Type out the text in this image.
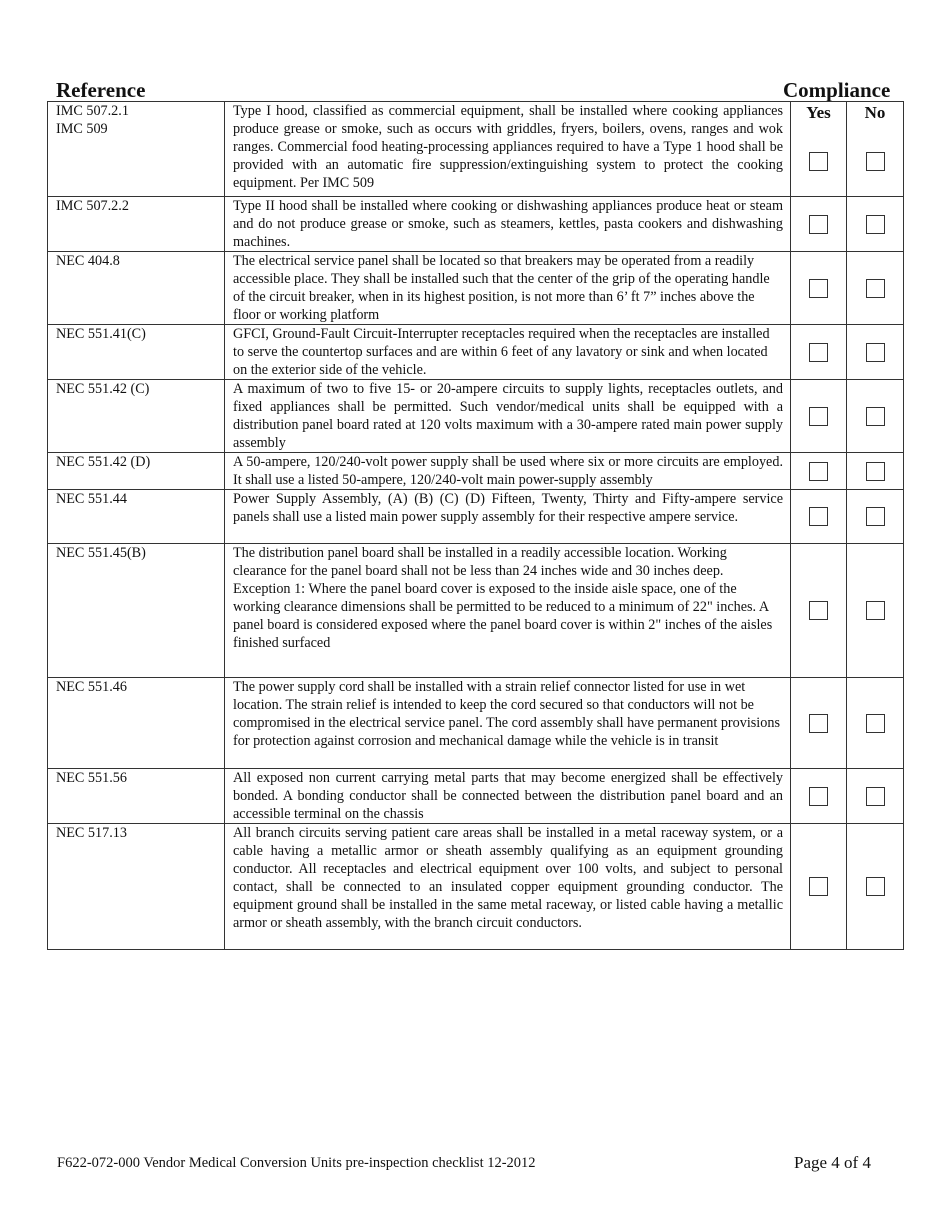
Reference	Compliance
IMC 507.2.1
IMC 509	Type I hood, classified as commercial equipment, shall be installed where cooking appliances produce grease or smoke, such as occurs with griddles, fryers, boilers, ovens, ranges and wok ranges. Commercial food heating-processing appliances required to have a Type 1 hood shall be provided with an automatic fire suppression/extinguishing system to protect the cooking equipment. Per IMC 509	Yes	No

IMC 507.2.2	Type II hood shall be installed where cooking or dishwashing appliances produce heat or steam and do not produce grease or smoke, such as steamers, kettles, pasta cookers and dishwashing machines.		
NEC 404.8	The electrical service panel shall be located so that breakers may be operated from a readily accessible place. They shall be installed such that the center of the grip of the operating handle of the circuit breaker, when in its highest position, is not more than 6’ ft 7” inches above the floor or working platform		
NEC 551.41(C)	GFCI, Ground-Fault Circuit-Interrupter receptacles required when the receptacles are installed to serve the countertop surfaces and are within 6 feet of any lavatory or sink and when located on the exterior side of the vehicle.		
NEC 551.42 (C)	A maximum of two to five 15- or 20-ampere circuits to supply lights, receptacles outlets, and fixed appliances shall be permitted. Such vendor/medical units shall be equipped with a distribution panel board rated at 120 volts maximum with a 30-ampere rated main power supply assembly		
NEC 551.42 (D)	A 50-ampere, 120/240-volt power supply shall be used where six or more circuits are employed. It shall use a listed 50-ampere, 120/240-volt main power-supply assembly		
NEC 551.44	Power Supply Assembly, (A) (B) (C) (D) Fifteen, Twenty, Thirty and Fifty-ampere service panels shall use a listed main power supply assembly for their respective ampere service.		
NEC 551.45(B)	The distribution panel board shall be installed in a readily accessible location. Working clearance for the panel board shall not be less than 24 inches wide and 30 inches deep. Exception 1: Where the panel board cover is exposed to the inside aisle space, one of the working clearance dimensions shall be permitted to be reduced to a minimum of 22" inches. A panel board is considered exposed where the panel board cover is within 2" inches of the aisles finished surfaced		
NEC 551.46	The power supply cord shall be installed with a strain relief connector listed for use in wet location. The strain relief is intended to keep the cord secured so that conductors will not be compromised in the electrical service panel. The cord assembly shall have permanent provisions for protection against corrosion and mechanical damage while the vehicle is in transit		
NEC 551.56	All exposed non current carrying metal parts that may become energized shall be effectively bonded. A bonding conductor shall be connected between the distribution panel board and an accessible terminal on the chassis		
NEC 517.13	All branch circuits serving patient care areas shall be installed in a metal raceway system, or a cable having a metallic armor or sheath assembly qualifying as an equipment grounding conductor. All receptacles and electrical equipment over 100 volts, and subject to personal contact, shall be connected to an insulated copper equipment grounding conductor. The equipment ground shall be installed in the same metal raceway, or listed cable having a metallic armor or sheath assembly, with the branch circuit conductors.		
F622-072-000 Vendor Medical Conversion Units pre-inspection checklist 12-2012	Page 4 of 4
